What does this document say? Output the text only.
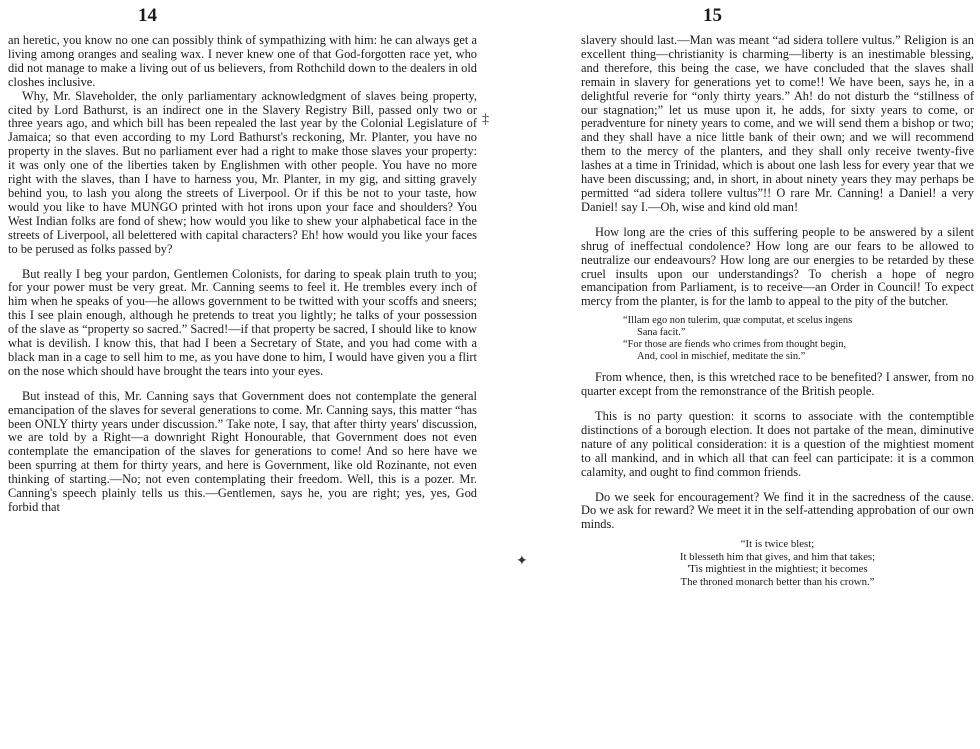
14

an heretic, you know no one can possibly think of sympathizing with him: he can always get a living among oranges and sealing wax. I never knew one of that God-forgotten race yet, who did not manage to make a living out of us believers, from Rothchild down to the dealers in old closhes inclusive.

Why, Mr. Slaveholder, the only parliamentary acknowledgment of slaves being property, cited by Lord Bathurst, is an indirect one in the Slavery Registry Bill, passed only two or three years ago, and which bill has been repealed the last year by the Colonial Legislature of Jamaica; so that even according to my Lord Bathurst's reckoning, Mr. Planter, you have no property in the slaves. But no parliament ever had a right to make those slaves your property: it was only one of the liberties taken by Englishmen with other people. You have no more right with the slaves, than I have to harness you, Mr. Planter, in my gig, and sitting gravely behind you, to lash you along the streets of Liverpool. Or if this be not to your taste, how would you like to have MUNGO printed with hot irons upon your face and shoulders? You West Indian folks are fond of shew; how would you like to shew your alphabetical face in the streets of Liverpool, all belettered with capital characters? Eh! how would you like your faces to be perused as folks passed by?

But really I beg your pardon, Gentlemen Colonists, for daring to speak plain truth to you; for your power must be very great. Mr. Canning seems to feel it. He trembles every inch of him when he speaks of you—he allows government to be twitted with your scoffs and sneers; this I see plain enough, although he pretends to treat you lightly; he talks of your possession of the slave as “property so sacred.” Sacred!—if that property be sacred, I should like to know what is devilish. I know this, that had I been a Secretary of State, and you had come with a black man in a cage to sell him to me, as you have done to him, I would have given you a flirt on the nose which should have brought the tears into your eyes.

But instead of this, Mr. Canning says that Government does not contemplate the general emancipation of the slaves for several generations to come. Mr. Canning says, this matter “has been ONLY thirty years under discussion.” Take note, I say, that after thirty years' discussion, we are told by a Right—a downright Right Honourable, that Government does not even contemplate the emancipation of the slaves for generations to come! And so here have we been spurring at them for thirty years, and here is Government, like old Rozinante, not even thinking of starting.—No; not even contemplating their freedom. Well, this is a pozer. Mr. Canning's speech plainly tells us this.—Gentlemen, says he, you are right; yes, yes, God forbid that

‡
✦
15

slavery should last.—Man was meant “ad sidera tollere vultus.” Religion is an excellent thing—christianity is charming—liberty is an inestimable blessing, and therefore, this being the case, we have concluded that the slaves shall remain in slavery for generations yet to come!! We have been, says he, in a delightful reverie for “only thirty years.” Ah! do not disturb the “stillness of our stagnation;” let us muse upon it, he adds, for sixty years to come, or peradventure for ninety years to come, and we will send them a bishop or two; and they shall have a nice little bank of their own; and we will recommend them to the mercy of the planters, and they shall only receive twenty-five lashes at a time in Trinidad, which is about one lash less for every year that we have been discussing; and, in short, in about ninety years they may perhaps be permitted “ad sidera tollere vultus”!! O rare Mr. Canning! a Daniel! a very Daniel! say I.—Oh, wise and kind old man!

How long are the cries of this suffering people to be answered by a silent shrug of ineffectual condolence? How long are our fears to be allowed to neutralize our endeavours? How long are our energies to be retarded by these cruel insults upon our understandings? To cherish a hope of negro emancipation from Parliament, is to receive—an Order in Council! To expect mercy from the planter, is for the lamb to appeal to the pity of the butcher.

“Illam ego non tulerim, quæ computat, et scelus ingens

Sana facit.”

“For those are fiends who crimes from thought begin,

And, cool in mischief, meditate the sin.”

From whence, then, is this wretched race to be benefited? I answer, from no quarter except from the remonstrance of the British people.

This is no party question: it scorns to associate with the contemptible distinctions of a borough election. It does not partake of the mean, diminutive nature of any political consideration: it is a question of the mightiest moment to all mankind, and in which all that can feel can participate: it is a common calamity, and ought to find common friends.

Do we seek for encouragement? We find it in the sacredness of the cause. Do we ask for reward? We meet it in the self-attending approbation of our own minds.

“It is twice blest;

It blesseth him that gives, and him that takes;

'Tis mightiest in the mightiest; it becomes

The throned monarch better than his crown.”
